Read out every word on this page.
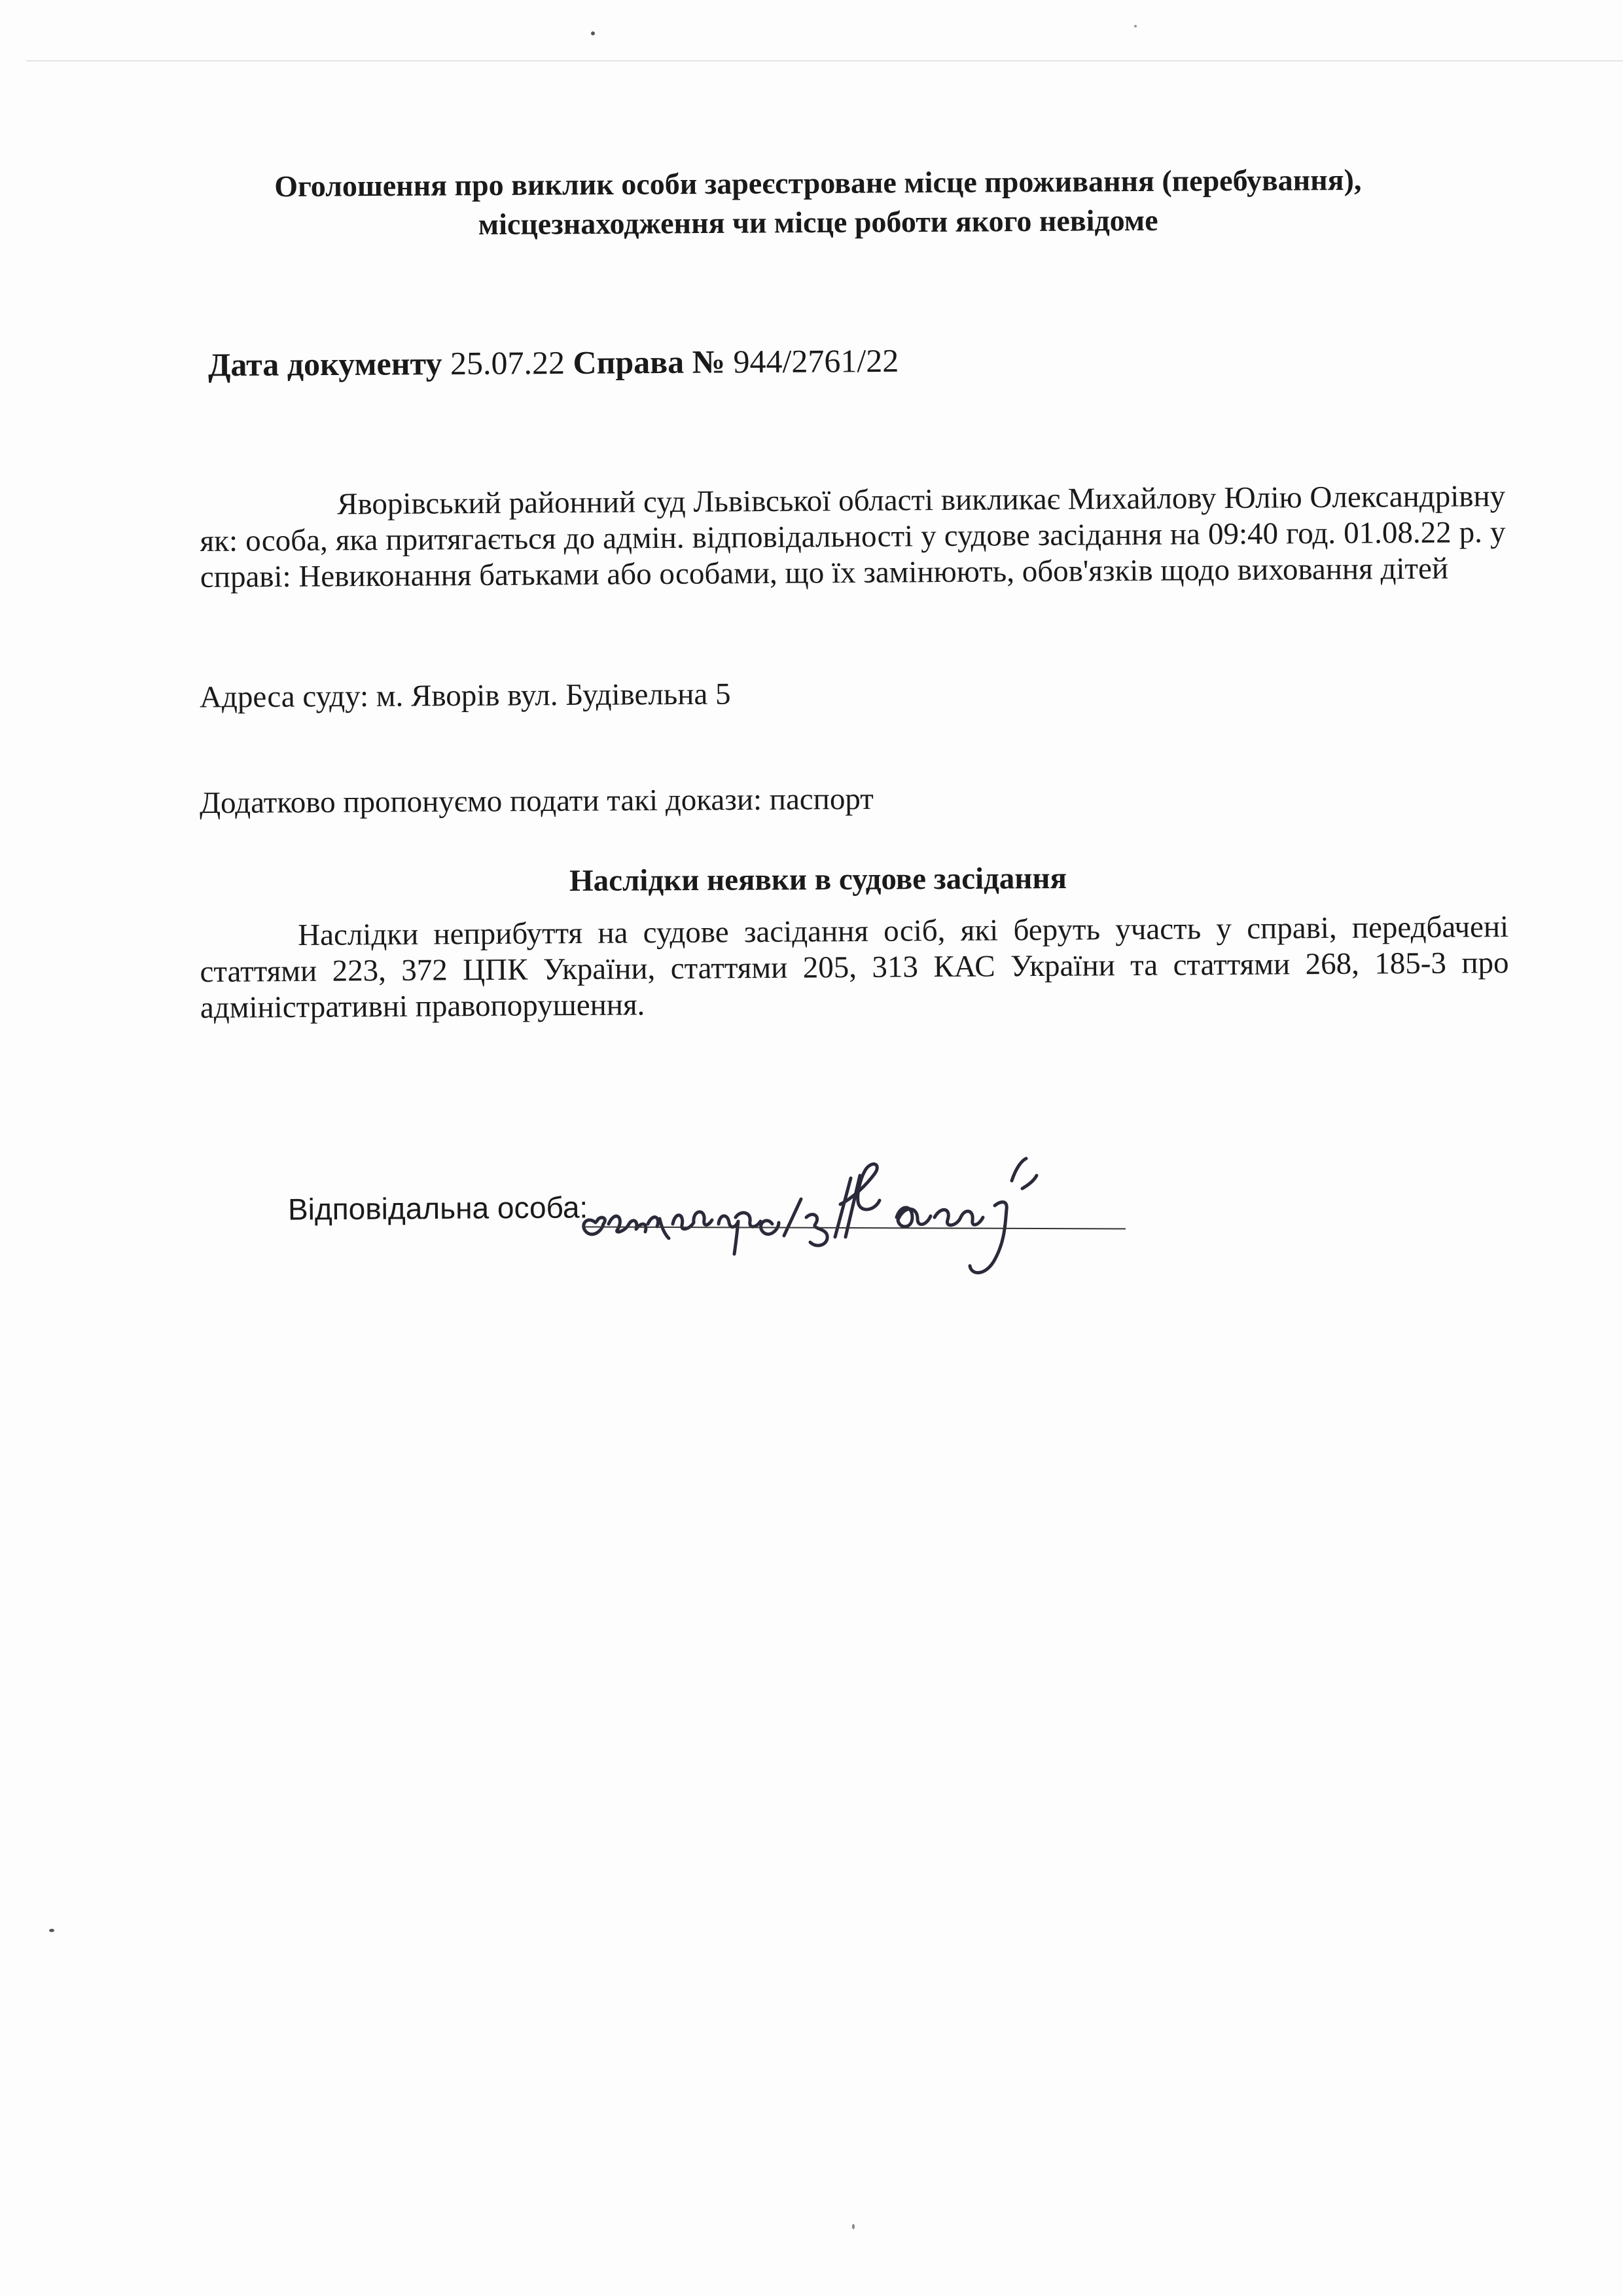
Оголошення про виклик особи зареєстроване місце проживання (перебування),
місцезнаходження чи місце роботи якого невідоме
Дата документу 25.07.22 Справа № 944/2761/22
Яворівський районний суд Львівської області викликає Михайлову Юлію Олександрівну як: особа, яка притягається до адмін. відповідальності у судове засідання на 09:40 год. 01.08.22 р. у справі: Невиконання батьками або особами, що їх замінюють, обов'язків щодо виховання дітей
Адреса суду: м. Яворів вул. Будівельна 5
Додатково пропонуємо подати такі докази: паспорт
Наслідки неявки в судове засідання
Наслідки неприбуття на судове засідання осіб, які беруть участь у справі, передбачені статтями 223, 372 ЦПК України, статтями 205, 313 КАС України та статтями 268, 185-3 про адміністративні правопорушення.
Відповідальна особа:
